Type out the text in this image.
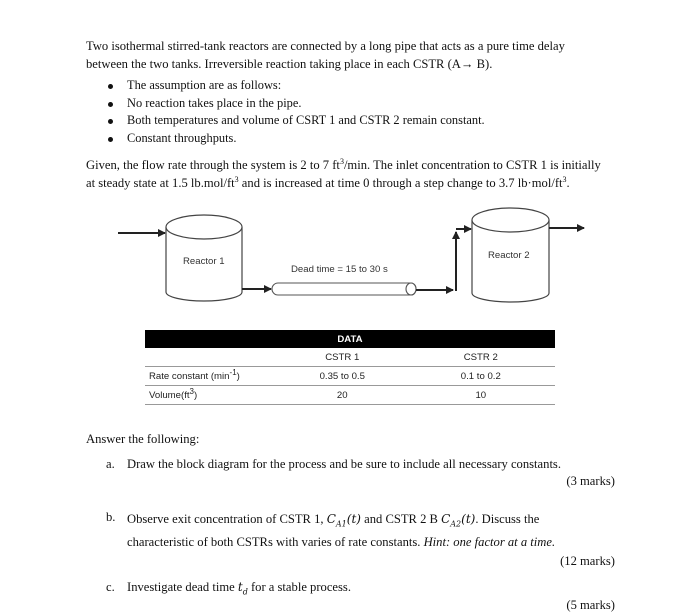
Two isothermal stirred-tank reactors are connected by a long pipe that acts as a pure time delay
between the two tanks. Irreversible reaction taking place in each CSTR (A→ B).
The assumption are as follows:
No reaction takes place in the pipe.
Both temperatures and volume of CSRT 1 and CSTR 2 remain constant.
Constant throughputs.
Given, the flow rate through the system is 2 to 7 $ft^3/\min$. The inlet concentration to CSTR 1 is initially
at steady state at 1.5 $lb.mol/ft^3$ and is increased at time 0 through a step change to 3.7 $lb\cdot mol/ft^3$.
Reactor 1
Reactor 2
Dead time = 15 to 30 s
DATA		
	CSTR 1	CSTR 2
Rate constant $(\min^{-1})$	0.35 to 0.5	0.1 to 0.2
$Volume(ft^3)$	20	10
Answer the following:
a. Draw the block diagram for the process and be sure to include all necessary constants.
(3 marks)
b. Observe exit concentration of CSTR 1, $C_{A1}(t)$ and CSTR 2 B $C_{A2}(t)$. Discuss the
characteristic of both CSTRs with varies of rate constants. Hint: one factor at a time.
(12 marks)
c. Investigate dead time $t_d$ for a stable process.
(5 marks)
